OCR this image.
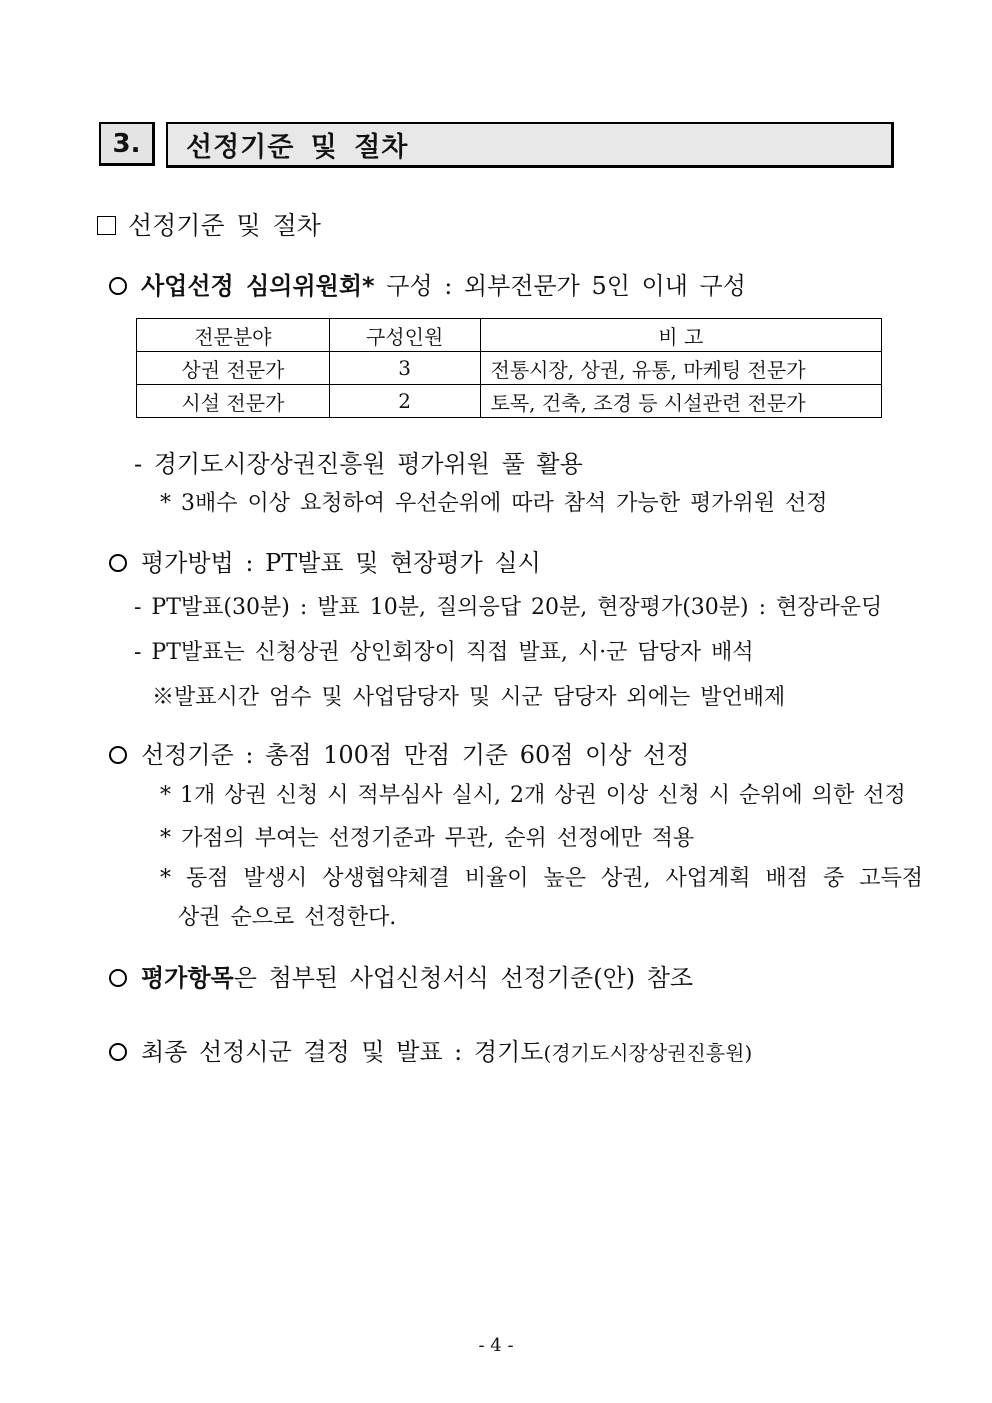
3. 선정기준 및 절차
선정기준 및 절차
사업선정 심의위원회* 구성 : 외부전문가 5인 이내 구성
전문분야	구성인원	비 고
상권 전문가	3	전통시장, 상권, 유통, 마케팅 전문가
시설 전문가	2	토목, 건축, 조경 등 시설관련 전문가
- 경기도시장상권진흥원 평가위원 풀 활용
* 3배수 이상 요청하여 우선순위에 따라 참석 가능한 평가위원 선정
평가방법 : PT발표 및 현장평가 실시
- PT발표(30분) : 발표 10분, 질의응답 20분, 현장평가(30분) : 현장라운딩
- PT발표는 신청상권 상인회장이 직접 발표, 시·군 담당자 배석
※발표시간 엄수 및 사업담당자 및 시군 담당자 외에는 발언배제
선정기준 : 총점 100점 만점 기준 60점 이상 선정
* 1개 상권 신청 시 적부심사 실시, 2개 상권 이상 신청 시 순위에 의한 선정
* 가점의 부여는 선정기준과 무관, 순위 선정에만 적용
* 동점 발생시 상생협약체결 비율이 높은 상권, 사업계획 배점 중 고득점
상권 순으로 선정한다.
평가항목은 첨부된 사업신청서식 선정기준(안) 참조
최종 선정시군 결정 및 발표 : 경기도(경기도시장상권진흥원)
- 4 -
